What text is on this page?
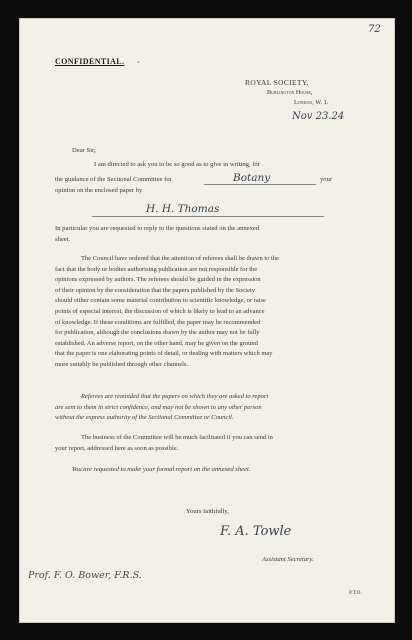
72
CONFIDENTIAL. ‘
ROYAL SOCIETY,
Burlington House,
London, W. 1.
Nov 23.24
Dear Sir,
I am directed to ask you to be so good as to give in writing, for
the guidance of the Sectional Committee for	Botany	your
opinion on the enclosed paper by
H. H. Thomas
In particular you are requested to reply to the questions stated on the annexed
sheet.
The Council have ordered that the attention of referees shall be drawn to the
fact that the body or bodies authorising publication are not responsible for the
opinions expressed by authors. The referees should be guided in the expression
of their opinion by the consideration that the papers published by the Society
should either contain some material contribution to scientific knowledge, or raise
points of especial interest, the discussion of which is likely to lead to an advance
of knowledge. If these conditions are fulfilled, the paper may be recommended
for publication, although the conclusions drawn by the author may not be fully
established. An adverse report, on the other hand, may be given on the ground
that the paper is one elaborating points of detail, or dealing with matters which may
more suitably be published through other channels.
Referees are reminded that the papers on which they are asked to report
are sent to them in strict confidence, and may not be shown to any other person
without the express authority of the Sectional Committee or Council.
The business of the Committee will be much facilitated if you can send in
your report, addressed here as soon as possible.
You are requested to make your formal report on the annexed sheet.
Yours faithfully,
F. A. Towle
Assistant Secretary.
Prof. F. O. Bower, F.R.S.
P.T.O.
